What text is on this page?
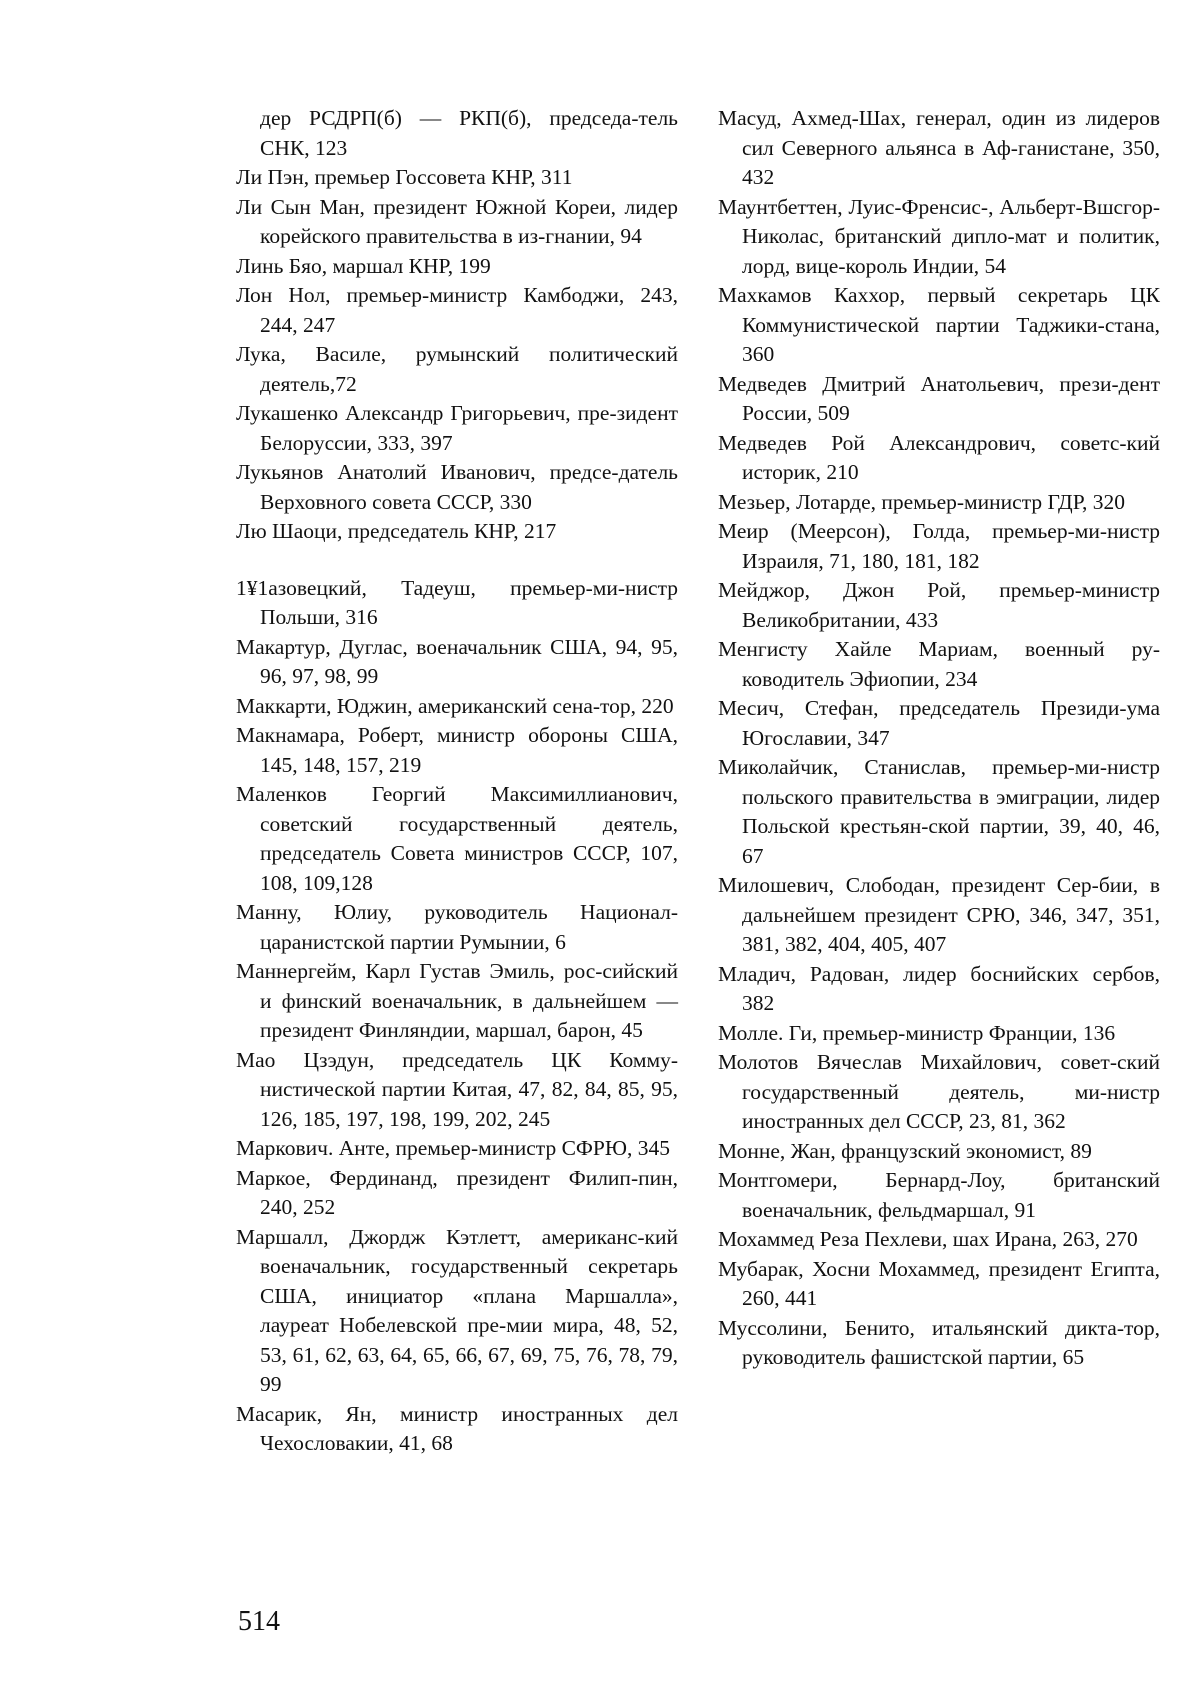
дер РСДРП(б) — РКП(б), председа-тель СНК, 123
Ли Пэн, премьер Госсовета КНР, 311
Ли Сын Ман, президент Южной Кореи, лидер корейского правительства в из-гнании, 94
Линь Бяо, маршал КНР, 199
Лон Нол, премьер-министр Камбоджи, 243, 244, 247
Лука, Василе, румынский политический деятель,72
Лукашенко Александр Григорьевич, пре-зидент Белоруссии, 333, 397
Лукьянов Анатолий Иванович, предсе-датель Верховного совета СССР, 330
Лю Шаоци, председатель КНР, 217
1¥1азовецкий, Тадеуш, премьер-ми-нистр Польши, 316
Макартур, Дуглас, военачальник США, 94, 95, 96, 97, 98, 99
Маккарти, Юджин, американский сена-тор, 220
Макнамара, Роберт, министр обороны США, 145, 148, 157, 219
Маленков Георгий Максимиллианович, советский государственный деятель, председатель Совета министров СССР, 107, 108, 109,128
Манну, Юлиу, руководитель Национал-царанистской партии Румынии, 6
Маннергейм, Карл Густав Эмиль, рос-сийский и финский военачальник, в дальнейшем — президент Финляндии, маршал, барон, 45
Мао Цзэдун, председатель ЦК Комму-нистической партии Китая, 47, 82, 84, 85, 95, 126, 185, 197, 198, 199, 202, 245
Маркович. Анте, премьер-министр СФРЮ, 345
Маркое, Фердинанд, президент Филип-пин, 240, 252
Маршалл, Джордж Кэтлетт, американс-кий военачальник, государственный секретарь США, инициатор «плана Маршалла», лауреат Нобелевской пре-мии мира, 48, 52, 53, 61, 62, 63, 64, 65, 66, 67, 69, 75, 76, 78, 79, 99
Масарик, Ян, министр иностранных дел Чехословакии, 41, 68
Масуд, Ахмед-Шах, генерал, один из лидеров сил Северного альянса в Аф-ганистане, 350, 432
Маунтбеттен, Луис-Френсис-, Альберт-Вшсгор-Николас, британский дипло-мат и политик, лорд, вице-король Индии, 54
Махкамов Каххор, первый секретарь ЦК Коммунистической партии Таджики-стана, 360
Медведев Дмитрий Анатольевич, прези-дент России, 509
Медведев Рой Александрович, советс-кий историк, 210
Мезьер, Лотарде, премьер-министр ГДР, 320
Меир (Меерсон), Голда, премьер-ми-нистр Израиля, 71, 180, 181, 182
Мейджор, Джон Рой, премьер-министр Великобритании, 433
Менгисту Хайле Мариам, военный ру-ководитель Эфиопии, 234
Месич, Стефан, председатель Президи-ума Югославии, 347
Миколайчик, Станислав, премьер-ми-нистр польского правительства в эмиграции, лидер Польской крестьян-ской партии, 39, 40, 46, 67
Милошевич, Слободан, президент Сер-бии, в дальнейшем президент СРЮ, 346, 347, 351, 381, 382, 404, 405, 407
Младич, Радован, лидер боснийских сербов, 382
Молле. Ги, премьер-министр Франции, 136
Молотов Вячеслав Михайлович, совет-ский государственный деятель, ми-нистр иностранных дел СССР, 23, 81, 362
Монне, Жан, французский экономист, 89
Монтгомери, Бернард-Лоу, британский военачальник, фельдмаршал, 91
Мохаммед Реза Пехлеви, шах Ирана, 263, 270
Мубарак, Хосни Мохаммед, президент Египта, 260, 441
Муссолини, Бенито, итальянский дикта-тор, руководитель фашистской партии, 65
514
